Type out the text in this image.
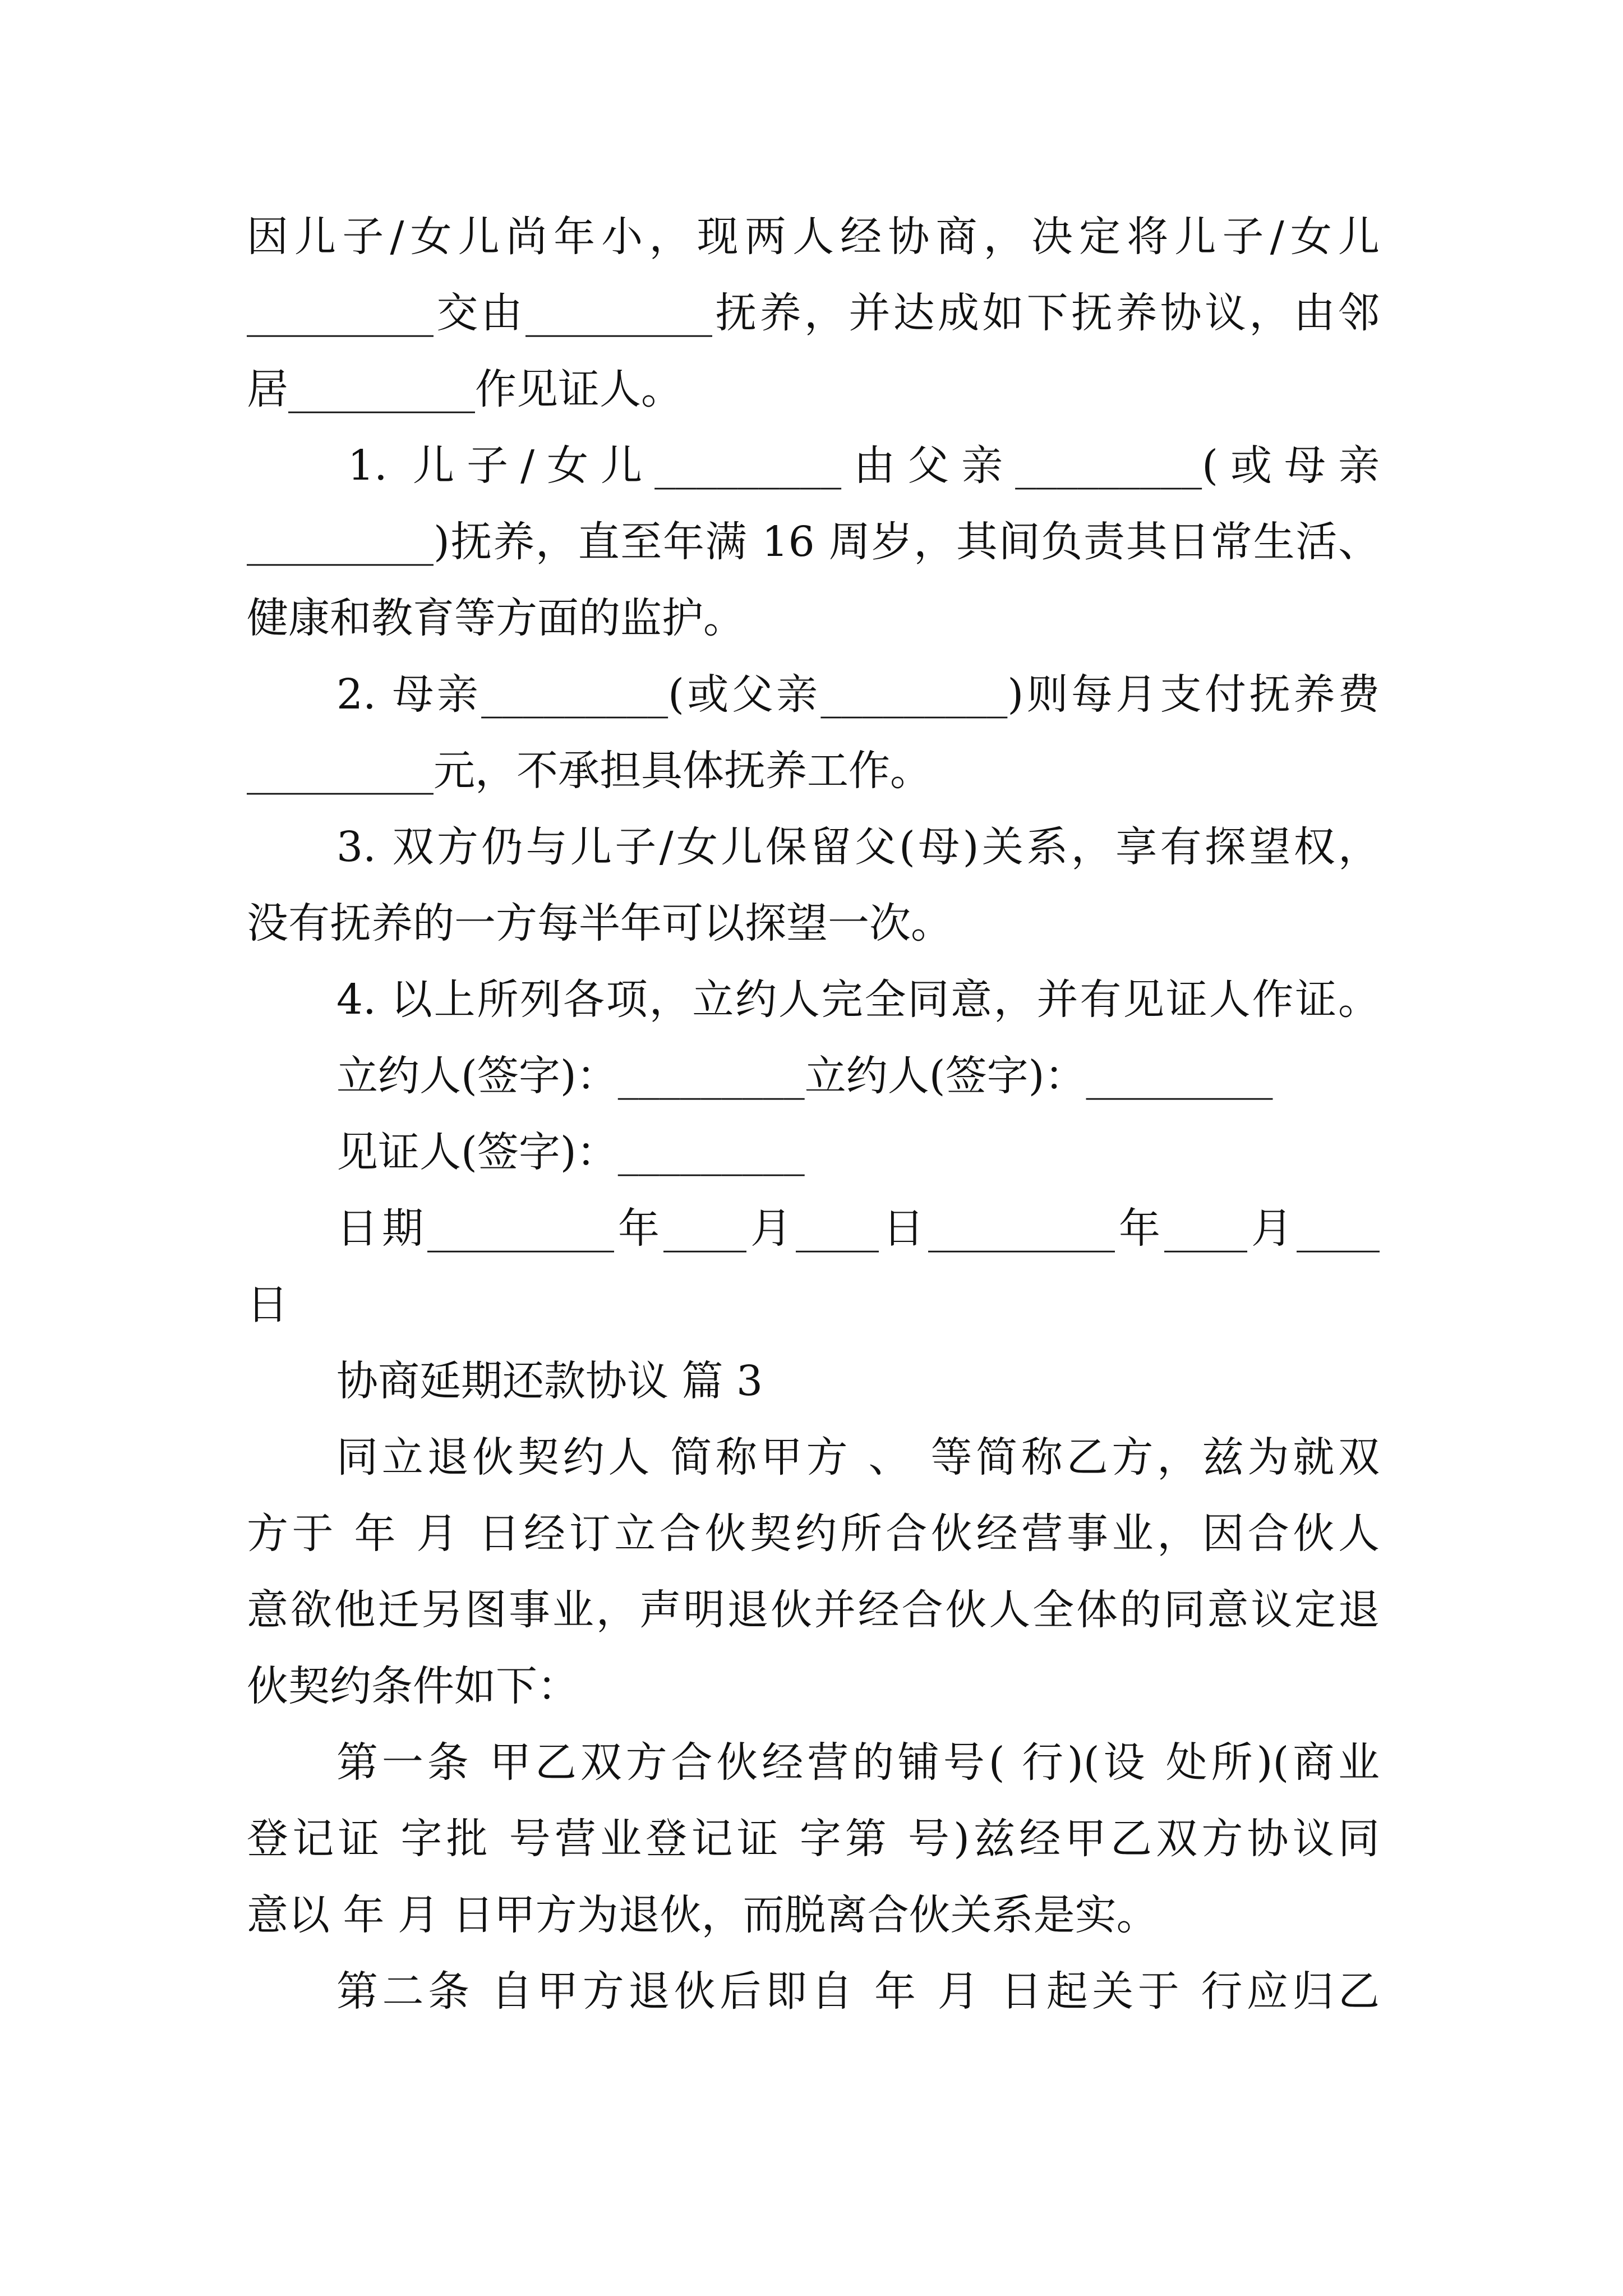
因儿子/女儿尚年小，现两人经协商，决定将儿子/女儿
_________交由_________抚养，并达成如下抚养协议，由邻
居_________作见证人。
1. 儿子/女儿_________由父亲_________(或母亲
_________)抚养，直至年满 16 周岁，其间负责其日常生活、
健康和教育等方面的监护。
2. 母亲_________(或父亲_________)则每月支付抚养费
_________元，不承担具体抚养工作。
3. 双方仍与儿子/女儿保留父(母)关系，享有探望权，
没有抚养的一方每半年可以探望一次。
4. 以上所列各项，立约人完全同意，并有见证人作证。
立约人(签字)：_________立约人(签字)：_________
见证人(签字)：_________
日期_________年____月____日_________年____月____
日
协商延期还款协议 篇 3
同立退伙契约人 简称甲方 、 等简称乙方，兹为就双
方于 年 月 日经订立合伙契约所合伙经营事业，因合伙人
意欲他迁另图事业，声明退伙并经合伙人全体的同意议定退
伙契约条件如下：
第一条 甲乙双方合伙经营的铺号( 行)(设 处所)(商业
登记证 字批 号营业登记证 字第 号)兹经甲乙双方协议同
意以 年 月 日甲方为退伙，而脱离合伙关系是实。
第二条 自甲方退伙后即自 年 月 日起关于 行应归乙
